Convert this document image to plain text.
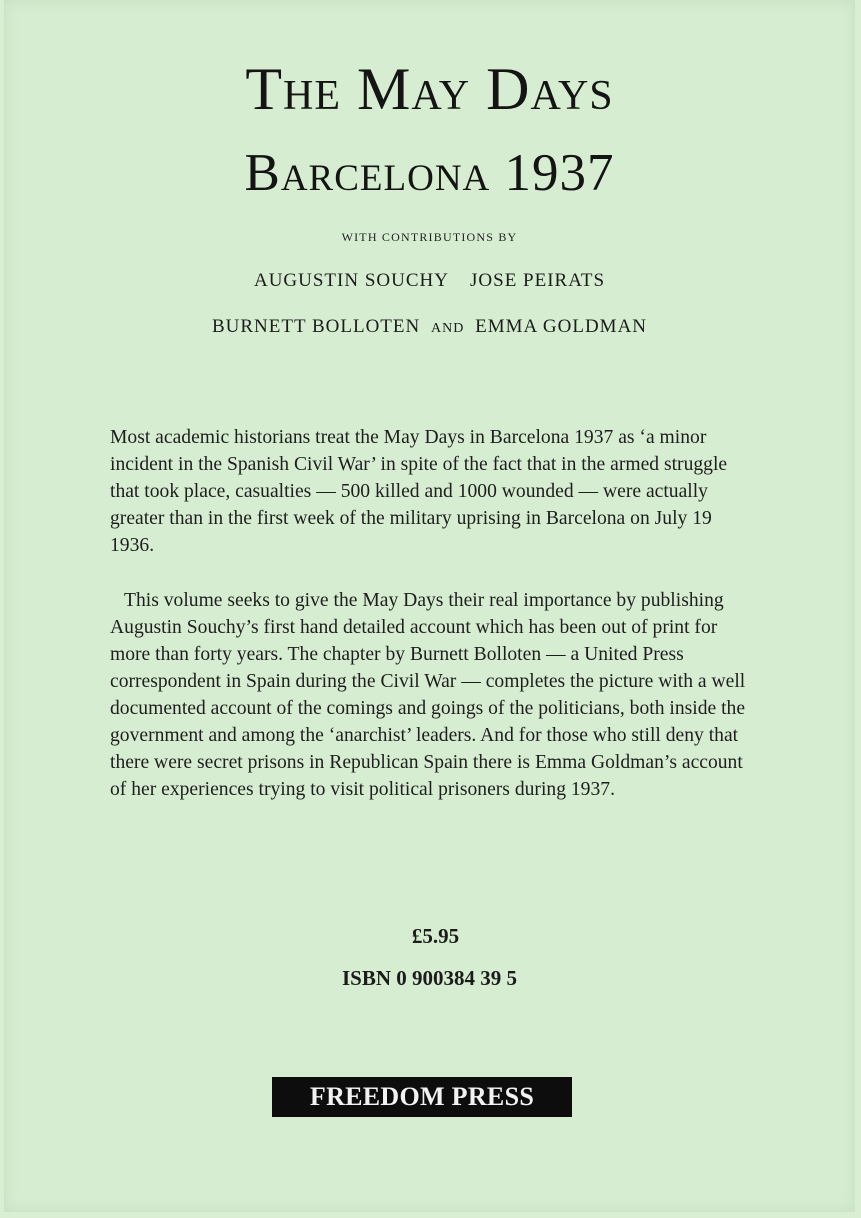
The May Days
Barcelona 1937
WITH CONTRIBUTIONS BY
AUGUSTIN SOUCHY JOSE PEIRATS
BURNETT BOLLOTEN AND EMMA GOLDMAN

Most academic historians treat the May Days in Barcelona 1937 as ‘a minor incident in the Spanish Civil War’ in spite of the fact that in the armed struggle that took place, casualties — 500 killed and 1000 wounded — were actually greater than in the first week of the military uprising in Barcelona on July 19 1936.

This volume seeks to give the May Days their real importance by publishing Augustin Souchy’s first hand detailed account which has been out of print for more than forty years. The chapter by Burnett Bolloten — a United Press correspondent in Spain during the Civil War — completes the picture with a well documented account of the comings and goings of the politicians, both inside the government and among the ‘anarchist’ leaders. And for those who still deny that there were secret prisons in Republican Spain there is Emma Goldman’s account of her experiences trying to visit political prisoners during 1937.

£5.95
ISBN 0 900384 39 5
FREEDOM PRESS
